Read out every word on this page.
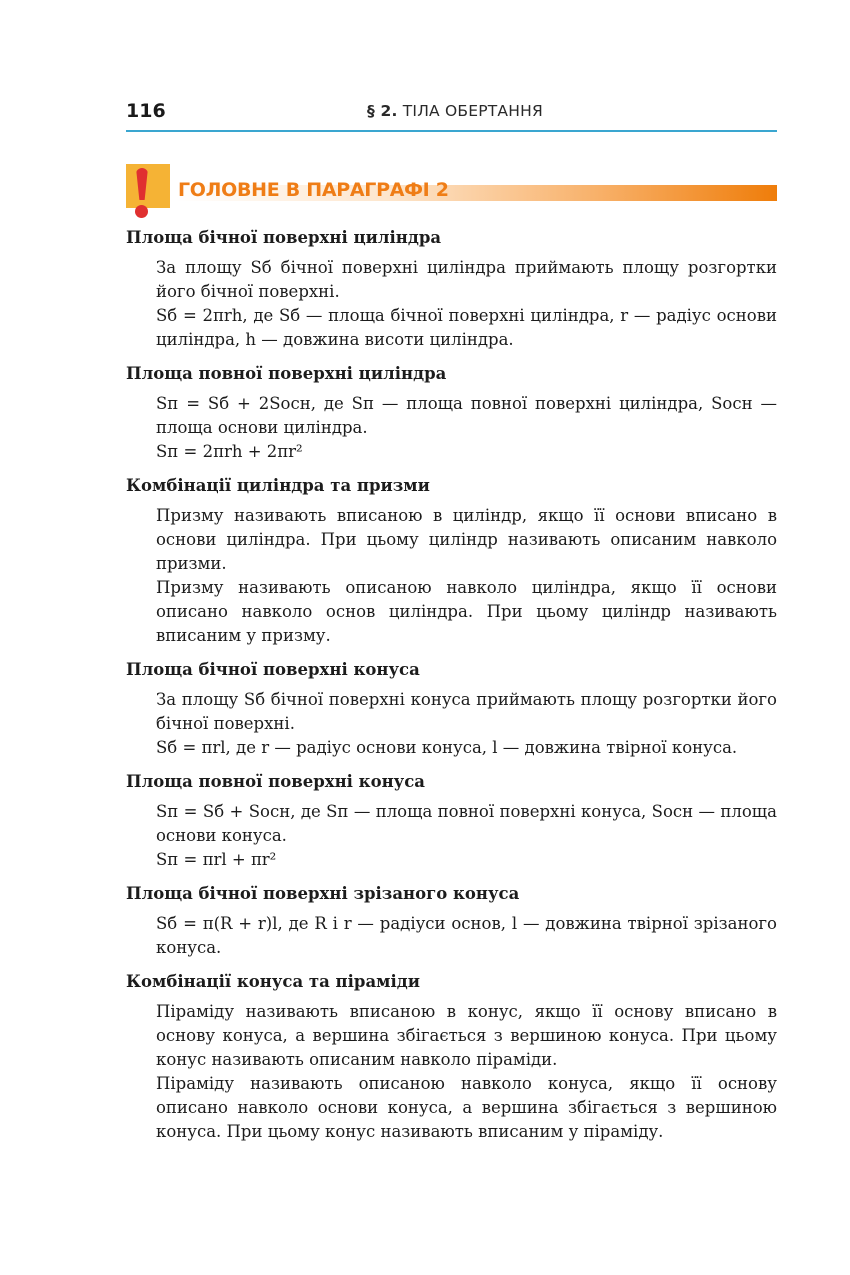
116	§ 2. ТІЛА ОБЕРТАННЯ
ГОЛОВНЕ В ПАРАГРАФІ 2
Площа бічної поверхні циліндра
За площу Sб бічної поверхні циліндра приймають площу розгортки його бічної поверхні.
Sб = 2πrh, де Sб — площа бічної поверхні циліндра, r — радіус основи циліндра, h — довжина висоти циліндра.
Площа повної поверхні циліндра
Sп = Sб + 2Sосн, де Sп — площа повної поверхні циліндра, Sосн — площа основи циліндра.
Sп = 2πrh + 2πr²
Комбінації циліндра та призми
Призму називають вписаною в циліндр, якщо її основи вписано в основи циліндра. При цьому циліндр називають описаним навколо призми.
Призму називають описаною навколо циліндра, якщо її основи описано навколо основ циліндра. При цьому циліндр називають вписаним у призму.
Площа бічної поверхні конуса
За площу Sб бічної поверхні конуса приймають площу розгортки його бічної поверхні.
Sб = πrl, де r — радіус основи конуса, l — довжина твірної конуса.
Площа повної поверхні конуса
Sп = Sб + Sосн, де Sп — площа повної поверхні конуса, Sосн — площа основи конуса.
Sп = πrl + πr²
Площа бічної поверхні зрізаного конуса
Sб = π(R + r)l, де R і r — радіуси основ, l — довжина твірної зрізаного конуса.
Комбінації конуса та піраміди
Піраміду називають вписаною в конус, якщо її основу вписано в основу конуса, а вершина збігається з вершиною конуса. При цьому конус називають описаним навколо піраміди.
Піраміду називають описаною навколо конуса, якщо її основу описано навколо основи конуса, а вершина збігається з вершиною конуса. При цьому конус називають вписаним у піраміду.
